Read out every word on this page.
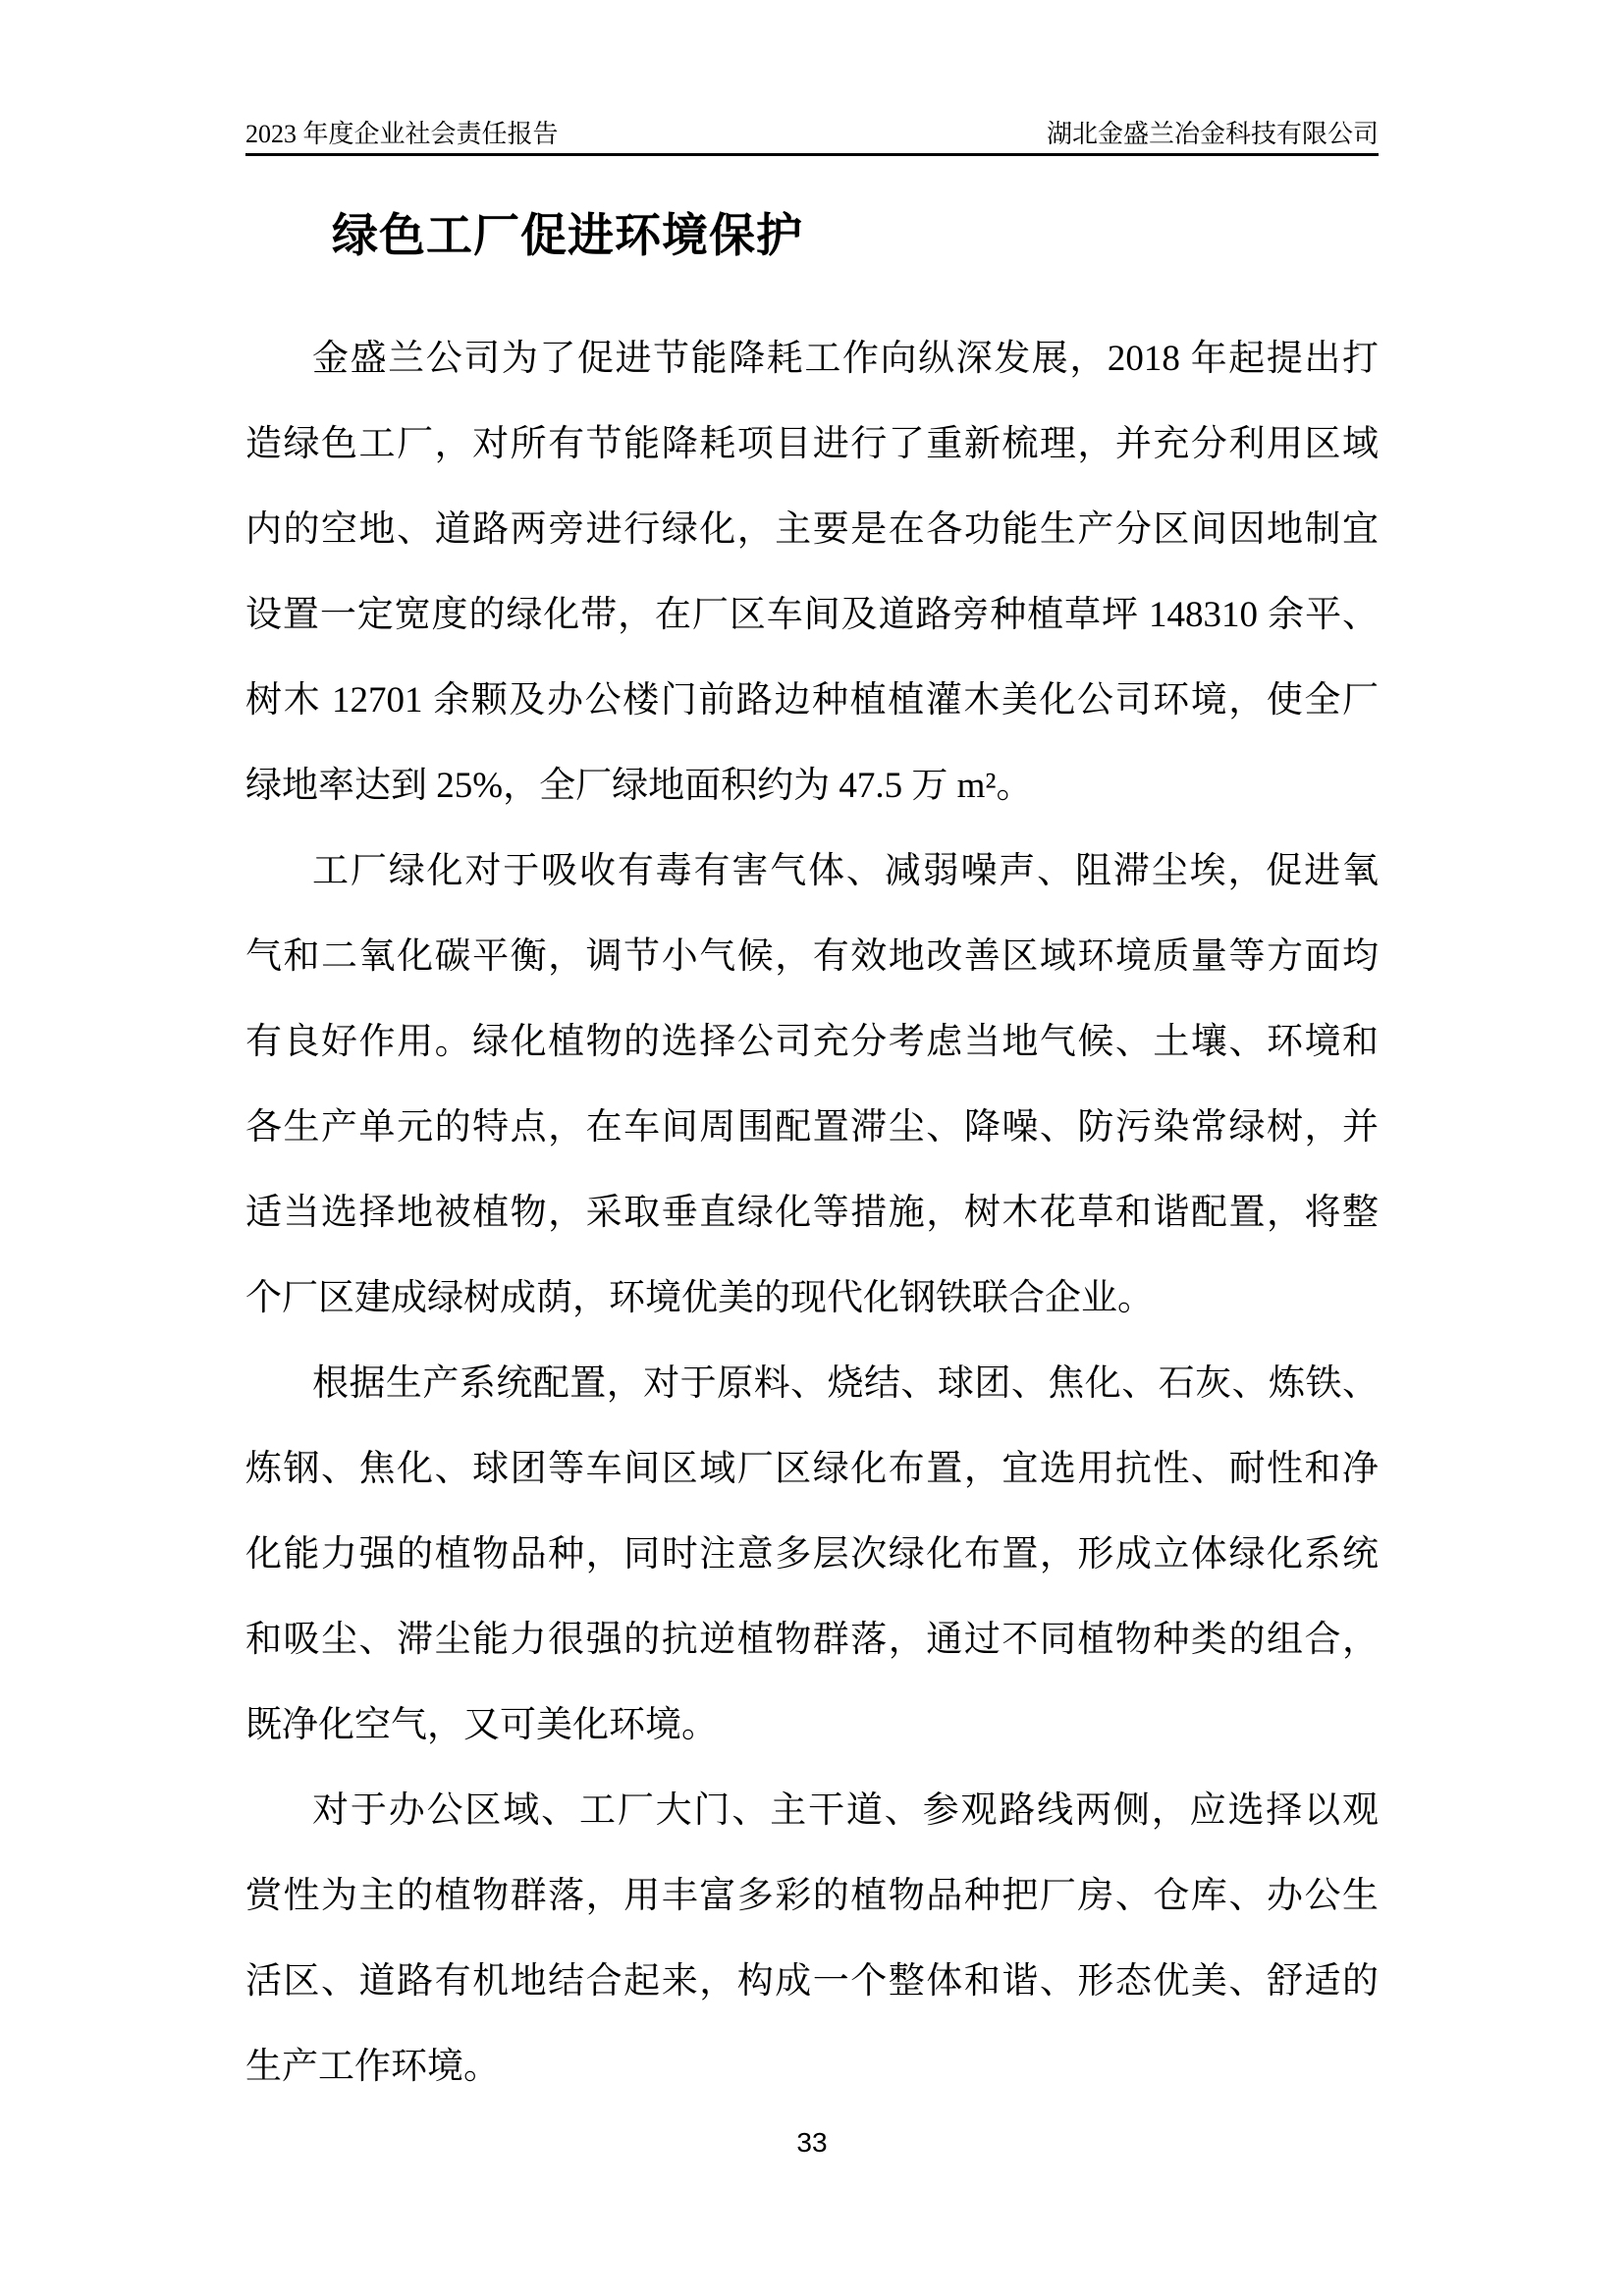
2023 年度企业社会责任报告	湖北金盛兰冶金科技有限公司
绿色工厂促进环境保护
金盛兰公司为了促进节能降耗工作向纵深发展，2018 年起提出打
造绿色工厂，对所有节能降耗项目进行了重新梳理，并充分利用区域
内的空地、道路两旁进行绿化，主要是在各功能生产分区间因地制宜
设置一定宽度的绿化带，在厂区车间及道路旁种植草坪 148310 余平、
树木 12701 余颗及办公楼门前路边种植植灌木美化公司环境，使全厂
绿地率达到 25%，全厂绿地面积约为 47.5 万 m²。
工厂绿化对于吸收有毒有害气体、减弱噪声、阻滞尘埃，促进氧
气和二氧化碳平衡，调节小气候，有效地改善区域环境质量等方面均
有良好作用。绿化植物的选择公司充分考虑当地气候、土壤、环境和
各生产单元的特点，在车间周围配置滞尘、降噪、防污染常绿树，并
适当选择地被植物，采取垂直绿化等措施，树木花草和谐配置，将整
个厂区建成绿树成荫，环境优美的现代化钢铁联合企业。
根据生产系统配置，对于原料、烧结、球团、焦化、石灰、炼铁、
炼钢、焦化、球团等车间区域厂区绿化布置，宜选用抗性、耐性和净
化能力强的植物品种，同时注意多层次绿化布置，形成立体绿化系统
和吸尘、滞尘能力很强的抗逆植物群落，通过不同植物种类的组合，
既净化空气，又可美化环境。
对于办公区域、工厂大门、主干道、参观路线两侧，应选择以观
赏性为主的植物群落，用丰富多彩的植物品种把厂房、仓库、办公生
活区、道路有机地结合起来，构成一个整体和谐、形态优美、舒适的
生产工作环境。
33
